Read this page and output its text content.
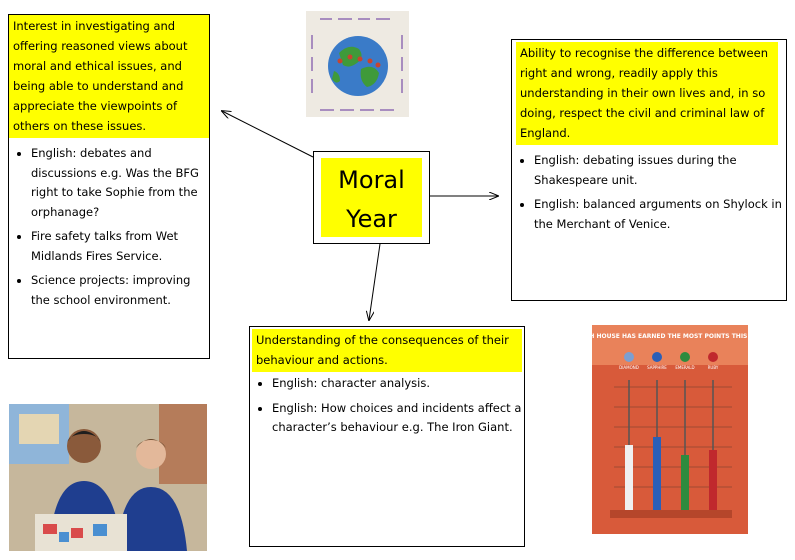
Moral
Year
Interest in investigating and offering reasoned views about moral and ethical issues, and being able to understand and appreciate the viewpoints of others on these issues.
• English: debates and discussions e.g. Was the BFG right to take Sophie from the orphanage?
• Fire safety talks from Wet Midlands Fires Service.
• Science projects: improving the school environment.
Ability to recognise the difference between right and wrong, readily apply this understanding in their own lives and, in so doing, respect the civil and criminal law of England.
• English: debating issues during the Shakespeare unit.
• English: balanced arguments on Shylock in the Merchant of Venice.
Understanding of the consequences of their behaviour and actions.
• English: character analysis.
• English: How choices and incidents affect a character’s behaviour e.g. The Iron Giant.
WHICH HOUSE HAS EARNED THE MOST POINTS THIS WEEK
DIAMOND SAPPHIRE EMERALD	RUBY
